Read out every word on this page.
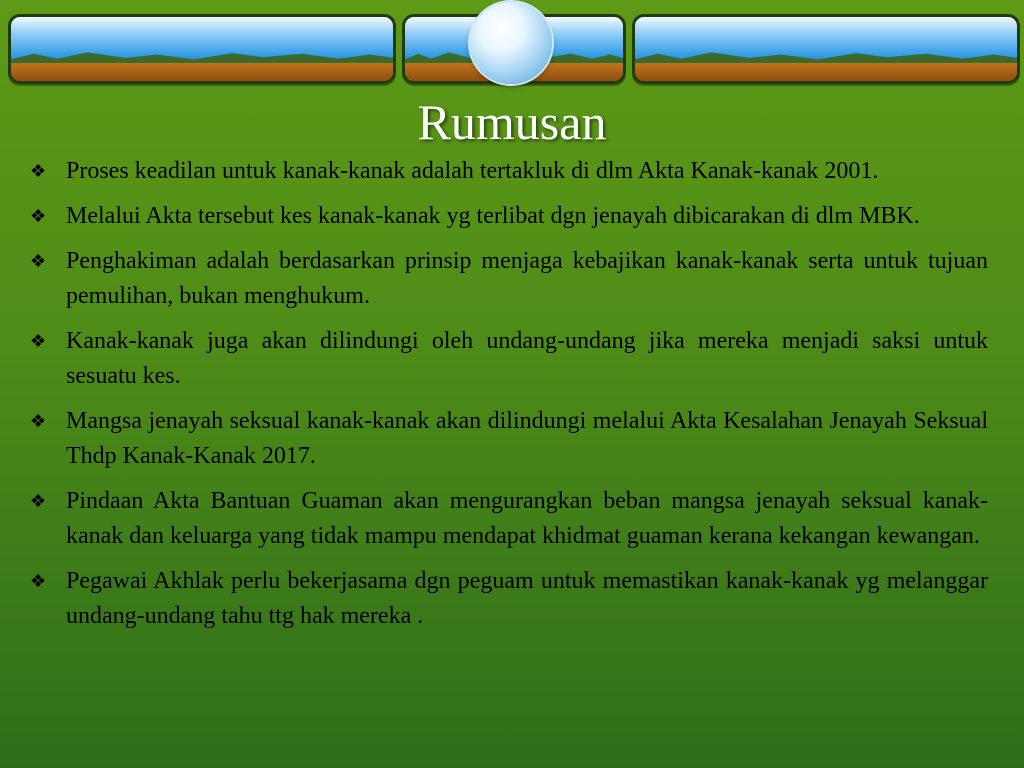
Rumusan
❖ Proses keadilan untuk kanak-kanak adalah tertakluk di dlm Akta Kanak-kanak 2001.
❖ Melalui Akta tersebut kes kanak-kanak yg terlibat dgn jenayah dibicarakan di dlm MBK.
❖ Penghakiman adalah berdasarkan prinsip menjaga kebajikan kanak-kanak serta untuk tujuan pemulihan, bukan menghukum.
❖ Kanak-kanak juga akan dilindungi oleh undang-undang jika mereka menjadi saksi untuk sesuatu kes.
❖ Mangsa jenayah seksual kanak-kanak akan dilindungi melalui Akta Kesalahan Jenayah Seksual Thdp Kanak-Kanak 2017.
❖ Pindaan Akta Bantuan Guaman akan mengurangkan beban mangsa jenayah seksual kanak-kanak dan keluarga yang tidak mampu mendapat khidmat guaman kerana kekangan kewangan.
❖ Pegawai Akhlak perlu bekerjasama dgn peguam untuk memastikan kanak-kanak yg melanggar undang-undang tahu ttg hak mereka .
